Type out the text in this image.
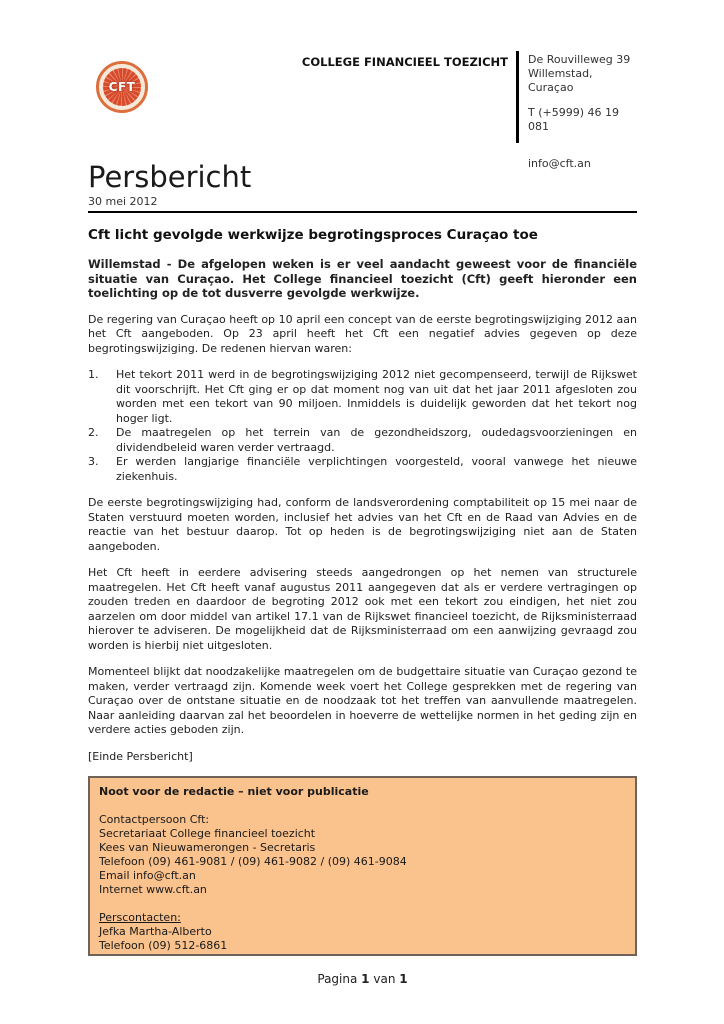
CFT
COLLEGE FINANCIEEL TOEZICHT De Rouvilleweg 39
Willemstad, Curaçao
T (+5999) 46 19 081
info@cft.an
Persbericht
30 mei 2012
Cft licht gevolgde werkwijze begrotingsproces Curaçao toe

Willemstad - De afgelopen weken is er veel aandacht geweest voor de financiële situatie van Curaçao. Het College financieel toezicht (Cft) geeft hieronder een toelichting op de tot dusverre gevolgde werkwijze.

De regering van Curaçao heeft op 10 april een concept van de eerste begrotingswijziging 2012 aan het Cft aangeboden. Op 23 april heeft het Cft een negatief advies gegeven op deze begrotingswijziging. De redenen hiervan waren:

1.	Het tekort 2011 werd in de begrotingswijziging 2012 niet gecompenseerd, terwijl de Rijkswet dit voorschrijft. Het Cft ging er op dat moment nog van uit dat het jaar 2011 afgesloten zou worden met een tekort van 90 miljoen. Inmiddels is duidelijk geworden dat het tekort nog hoger ligt.
2.	De maatregelen op het terrein van de gezondheidszorg, oudedagsvoorzieningen en dividendbeleid waren verder vertraagd.
3.	Er werden langjarige financiële verplichtingen voorgesteld, vooral vanwege het nieuwe ziekenhuis.

De eerste begrotingswijziging had, conform de landsverordening comptabiliteit op 15 mei naar de Staten verstuurd moeten worden, inclusief het advies van het Cft en de Raad van Advies en de reactie van het bestuur daarop. Tot op heden is de begrotingswijziging niet aan de Staten aangeboden.

Het Cft heeft in eerdere advisering steeds aangedrongen op het nemen van structurele maatregelen. Het Cft heeft vanaf augustus 2011 aangegeven dat als er verdere vertragingen op zouden treden en daardoor de begroting 2012 ook met een tekort zou eindigen, het niet zou aarzelen om door middel van artikel 17.1 van de Rijkswet financieel toezicht, de Rijksministerraad hierover te adviseren. De mogelijkheid dat de Rijksministerraad om een aanwijzing gevraagd zou worden is hierbij niet uitgesloten.

Momenteel blijkt dat noodzakelijke maatregelen om de budgettaire situatie van Curaçao gezond te maken, verder vertraagd zijn. Komende week voert het College gesprekken met de regering van Curaçao over de ontstane situatie en de noodzaak tot het treffen van aanvullende maatregelen. Naar aanleiding daarvan zal het beoordelen in hoeverre de wettelijke normen in het geding zijn en verdere acties geboden zijn.

[Einde Persbericht]

Noot voor de redactie – niet voor publicatie
Contactpersoon Cft:
Secretariaat College financieel toezicht
Kees van Nieuwamerongen - Secretaris
Telefoon (09) 461-9081 / (09) 461-9082 / (09) 461-9084
Email info@cft.an
Internet www.cft.an
Perscontacten:
Jefka Martha-Alberto
Telefoon (09) 512-6861
Pagina 1 van 1
